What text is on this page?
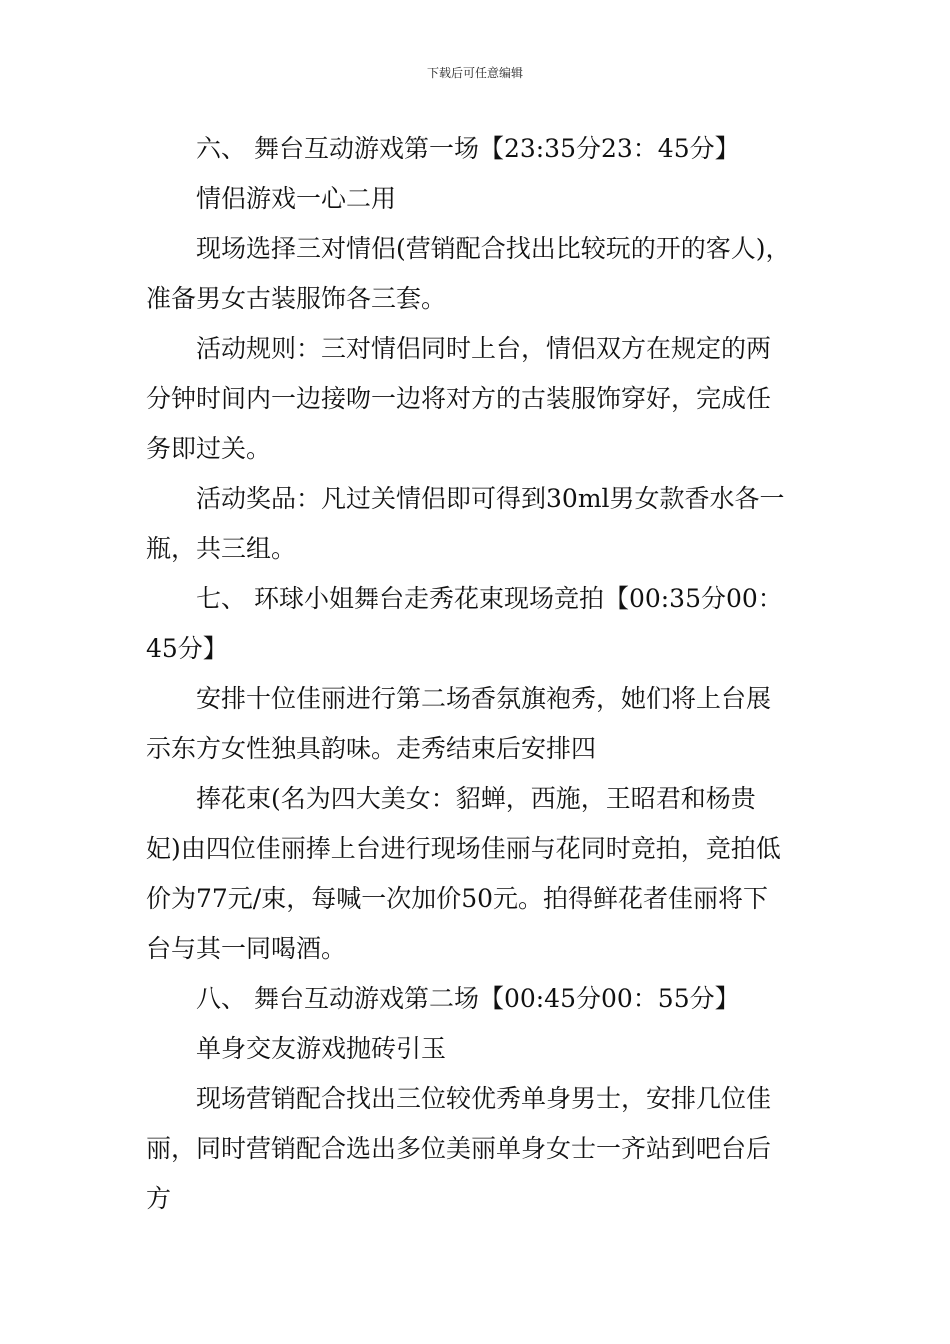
下载后可任意编辑
六、 舞台互动游戏第一场【23:35分23：45分】
情侣游戏一心二用
现场选择三对情侣(营销配合找出比较玩的开的客人)，
准备男女古装服饰各三套。
活动规则：三对情侣同时上台，情侣双方在规定的两
分钟时间内一边接吻一边将对方的古装服饰穿好，完成任
务即过关。
活动奖品：凡过关情侣即可得到30ml男女款香水各一
瓶，共三组。
七、 环球小姐舞台走秀花束现场竞拍【00:35分00：
45分】
安排十位佳丽进行第二场香氛旗袍秀，她们将上台展
示东方女性独具韵味。走秀结束后安排四
捧花束(名为四大美女：貂蝉，西施，王昭君和杨贵
妃)由四位佳丽捧上台进行现场佳丽与花同时竞拍，竞拍低
价为77元/束，每喊一次加价50元。拍得鲜花者佳丽将下
台与其一同喝酒。
八、 舞台互动游戏第二场【00:45分00：55分】
单身交友游戏抛砖引玉
现场营销配合找出三位较优秀单身男士，安排几位佳
丽，同时营销配合选出多位美丽单身女士一齐站到吧台后
方
